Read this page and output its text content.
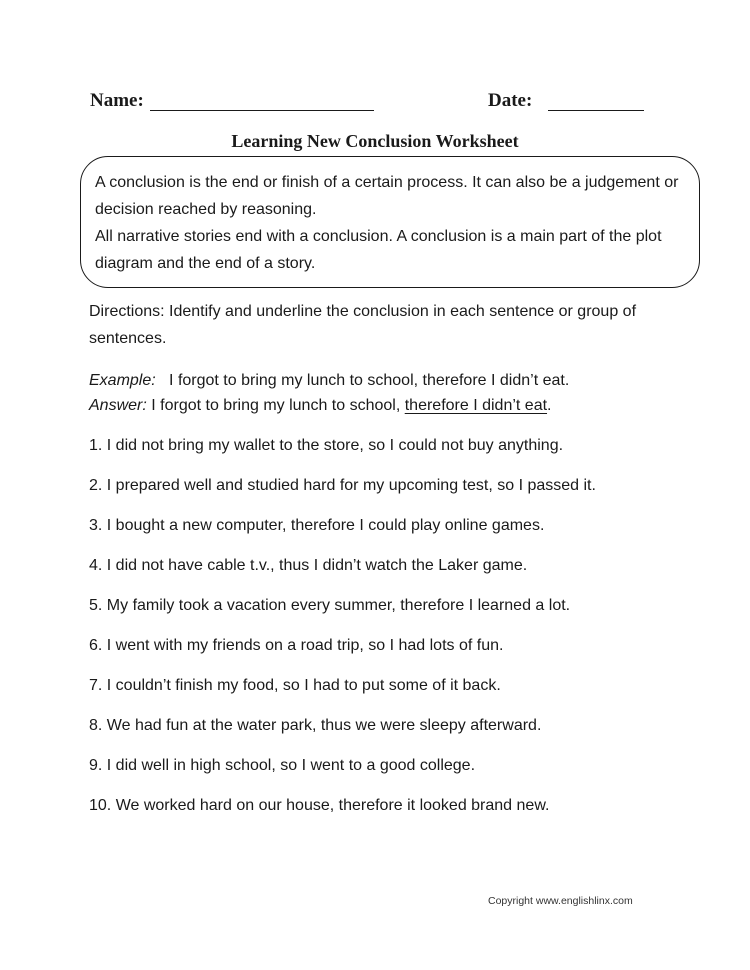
Name:	Date:
Learning New Conclusion Worksheet

A conclusion is the end or finish of a certain process. It can also be a judgement or decision reached by reasoning.

All narrative stories end with a conclusion. A conclusion is a main part of the plot diagram and the end of a story.

Directions: Identify and underline the conclusion in each sentence or group of sentences.
Example: I forgot to bring my lunch to school, therefore I didn’t eat.
Answer: I forgot to bring my lunch to school, therefore I didn’t eat.
1. I did not bring my wallet to the store, so I could not buy anything.
2. I prepared well and studied hard for my upcoming test, so I passed it.
3. I bought a new computer, therefore I could play online games.
4. I did not have cable t.v., thus I didn’t watch the Laker game.
5. My family took a vacation every summer, therefore I learned a lot.
6. I went with my friends on a road trip, so I had lots of fun.
7. I couldn’t finish my food, so I had to put some of it back.
8. We had fun at the water park, thus we were sleepy afterward.
9. I did well in high school, so I went to a good college.
10. We worked hard on our house, therefore it looked brand new.
Copyright www.englishlinx.com
